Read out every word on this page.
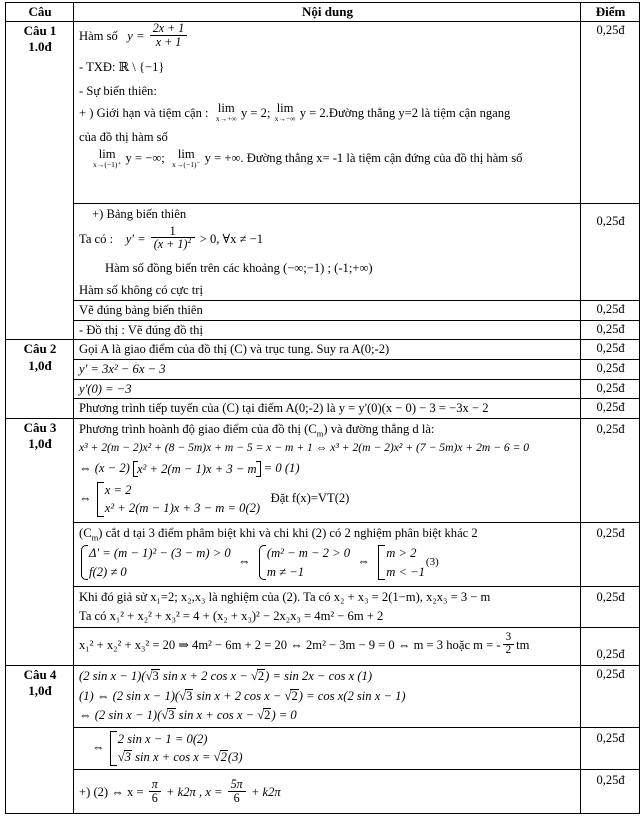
Câu	Nội dung	Điểm

Câu 1
1.0đ

Hàm số $y = \frac{2x + 1}{x + 1}$
- TXĐ: ℝ \ {−1}
- Sự biến thiên:
+ ) Giới hạn và tiệm cận : lim
x→+∞ y = 2; lim
x→−∞ y = 2.Đường thẳng y=2 là tiệm cận ngang
của đồ thị hàm số
lim
x→(−1)⁺ y = −∞;	lim
x→(−1)⁻ y = +∞. Đường thẳng x= -1 là tiệm cận đứng của đồ thị hàm số
	0,25đ

+) Bảng biến thiên
Ta có : $y' = \frac{1}{(x + 1)^2} > 0$, ∀x ≠ −1
Hàm số đồng biến trên các khoảng (−∞;−1) ; (-1;+∞)
Hàm số không có cực trị
	0,25đ
	Vẽ đúng bảng biến thiên	0,25đ
	- Đồ thị : Vẽ đúng đồ thị	0,25đ

Câu 2
1,0đ	Gọi A là giao điểm của đồ thị (C) và trục tung. Suy ra A(0;-2)	0,25đ
	y' = 3x² − 6x − 3	0,25đ
	y'(0) = −3	0,25đ
	Phương trình tiếp tuyến của (C) tại điểm A(0;-2) là y = y'(0)(x − 0) − 3 = −3x − 2	0,25đ

Câu 3
1,0đ

Phương trình hoành độ giao điểm của đồ thị $(C_m)$ và đường thẳng d là:
x³ + 2(m − 2)x² + (8 − 5m)x + m − 5 = x − m + 1 ⇔ x³ + 2(m − 2)x² + (7 − 5m)x + 2m − 6 = 0
⇔ (x − 2) x² + 2(m − 1)x + 3 − m = 0 (1)
⇔
x = 2
x² + 2(m − 1)x + 3 − m = 0(2)
Đặt f(x)=VT(2)
	0,25đ

$(C_m)$ cắt d tại 3 điểm phâm biệt khi và chi khi (2) có 2 nghiệm phân biệt khác 2
Δ' = (m − 1)² − (3 − m) > 0
f(2) ≠ 0
⇔
(m² − m − 2 > 0
m ≠ −1
⇔
m > 2
m < −1
(3)
	0,25đ

	Khi đó giả sử x₁=2; x₂,x₃ là nghiệm của (2). Ta có x₂ + x₃ = 2(1−m), x₂x₃ = 3 − m
Ta có x₁² + x₂² + x₃² = 4 + (x₂ + x₃)² − 2x₂x₃ = 4m² − 6m + 2	0,25đ

	x₁² + x₂² + x₃² = 20 ⇒ 4m² − 6m + 2 = 20 ⇔ 2m² − 3m − 9 = 0 ⇔ m = 3 hoặc m = - $\frac{3}{2}$ tm	0,25đ

Câu 4
1,0đ

(2 sin x − 1)(√3 sin x + 2 cos x − √2) = sin 2x − cos x (1)
(1) ⇔ (2 sin x − 1)(√3 sin x + 2 cos x − √2) = cos x(2 sin x − 1)
⇔ (2 sin x − 1)(√3 sin x + cos x − √2) = 0
	0,25đ

	⇔
2 sin x − 1 = 0(2)
√3 sin x + cos x = √2(3)	0,25đ

+) (2) ⇔ $x = \frac{\pi}{6} + k2\pi$ , $x = \frac{5\pi}{6} + k2\pi$
	0,25đ
